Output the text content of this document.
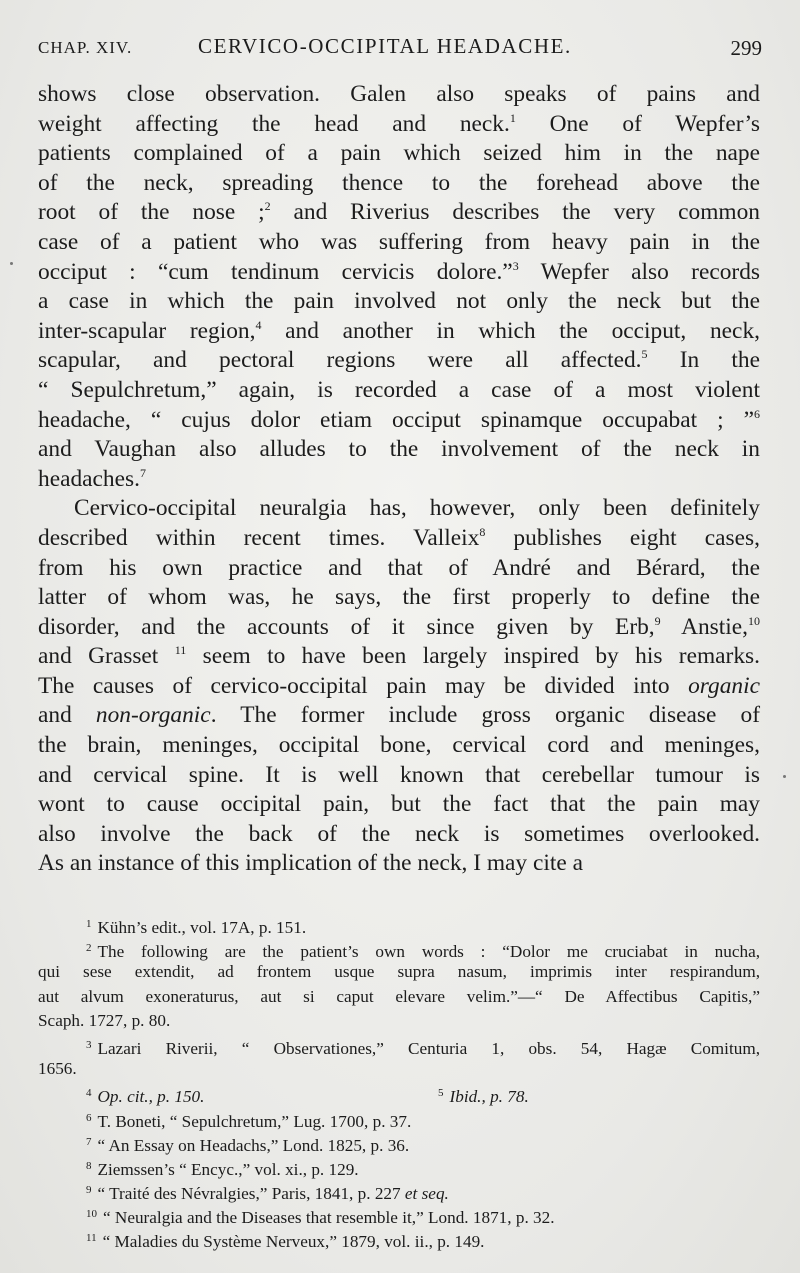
CHAP. XIV.	CERVICO-OCCIPITAL HEADACHE.	299
shows close observation. Galen also speaks of pains and
weight affecting the head and neck.$^1$ One of Wepfer’s
patients complained of a pain which seized him in the nape
of the neck, spreading thence to the forehead above the
root of the nose ;$^2$ and Riverius describes the very common
case of a patient who was suffering from heavy pain in the
occiput : “cum tendinum cervicis dolore.”$^3$ Wepfer also records
a case in which the pain involved not only the neck but the
inter-scapular region,$^4$ and another in which the occiput, neck,
scapular, and pectoral regions were all affected.$^5$ In the
“ Sepulchretum,” again, is recorded a case of a most violent
headache, “ cujus dolor etiam occiput spinamque occupabat ; ”$^6$
and Vaughan also alludes to the involvement of the neck in
headaches.$^7$
Cervico-occipital neuralgia has, however, only been definitely
described within recent times. Valleix$^8$ publishes eight cases,
from his own practice and that of André and Bérard, the
latter of whom was, he says, the first properly to define the
disorder, and the accounts of it since given by Erb,$^9$ Anstie,$^{10}$
and Grasset $^{11}$ seem to have been largely inspired by his remarks.
The causes of cervico-occipital pain may be divided into organic
and non-organic. The former include gross organic disease of
the brain, meninges, occipital bone, cervical cord and meninges,
and cervical spine. It is well known that cerebellar tumour is
wont to cause occipital pain, but the fact that the pain may
also involve the back of the neck is sometimes overlooked.
As an instance of this implication of the neck, I may cite a
$^1$ Kühn’s edit., vol. 17A, p. 151.
$^2$ The following are the patient’s own words : “Dolor me cruciabat in nucha,
qui sese extendit, ad frontem usque supra nasum, imprimis inter respirandum,
aut alvum exoneraturus, aut si caput elevare velim.”—“ De Affectibus Capitis,”
Scaph. 1727, p. 80.
$^3$ Lazari Riverii, “ Observationes,” Centuria 1, obs. 54, Hagæ Comitum,
1656.
$^4$ Op. cit., p. 150.	$^5$ Ibid., p. 78.
$^6$ T. Boneti, “ Sepulchretum,” Lug. 1700, p. 37.
$^7$ “ An Essay on Headachs,” Lond. 1825, p. 36.
$^8$ Ziemssen’s “ Encyc.,” vol. xi., p. 129.
$^9$ “ Traité des Névralgies,” Paris, 1841, p. 227 et seq.
$^{10}$ “ Neuralgia and the Diseases that resemble it,” Lond. 1871, p. 32.
$^{11}$ “ Maladies du Système Nerveux,” 1879, vol. ii., p. 149.
